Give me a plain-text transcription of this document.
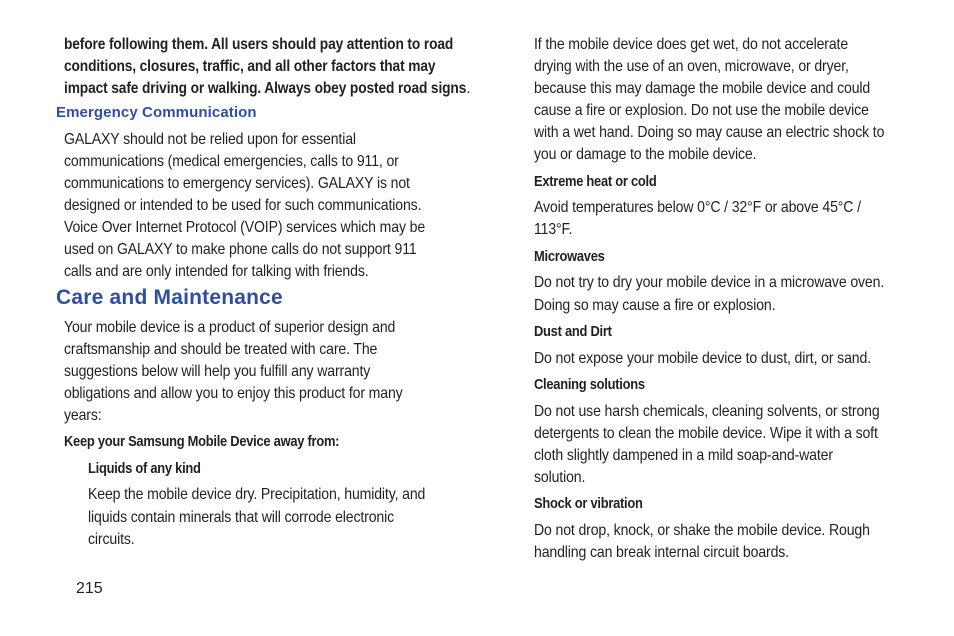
before following them. All users should pay attention to road
conditions, closures, traffic, and all other factors that may
impact safe driving or walking. Always obey posted road signs .
Emergency Communication
GALAXY should not be relied upon for essential
communications (medical emergencies, calls to 911, or
communications to emergency services). GALAXY is not
designed or intended to be used for such communications.
Voice Over Internet Protocol (VOIP) services which may be
used on GALAXY to make phone calls do not support 911
calls and are only intended for talking with friends.
Care and Maintenance
Your mobile device is a product of superior design and
craftsmanship and should be treated with care. The
suggestions below will help you fulfill any warranty
obligations and allow you to enjoy this product for many
years:
Keep your Samsung Mobile Device away from:
Liquids of any kind
Keep the mobile device dry. Precipitation, humidity, and
liquids contain minerals that will corrode electronic
circuits.
If the mobile device does get wet, do not accelerate
drying with the use of an oven, microwave, or dryer,
because this may damage the mobile device and could
cause a fire or explosion. Do not use the mobile device
with a wet hand. Doing so may cause an electric shock to
you or damage to the mobile device.
Extreme heat or cold
Avoid temperatures below 0°C / 32°F or above 45°C /
113°F.
Microwaves
Do not try to dry your mobile device in a microwave oven.
Doing so may cause a fire or explosion.
Dust and Dirt
Do not expose your mobile device to dust, dirt, or sand.
Cleaning solutions
Do not use harsh chemicals, cleaning solvents, or strong
detergents to clean the mobile device. Wipe it with a soft
cloth slightly dampened in a mild soap-and-water
solution.
Shock or vibration
Do not drop, knock, or shake the mobile device. Rough
handling can break internal circuit boards.
215
